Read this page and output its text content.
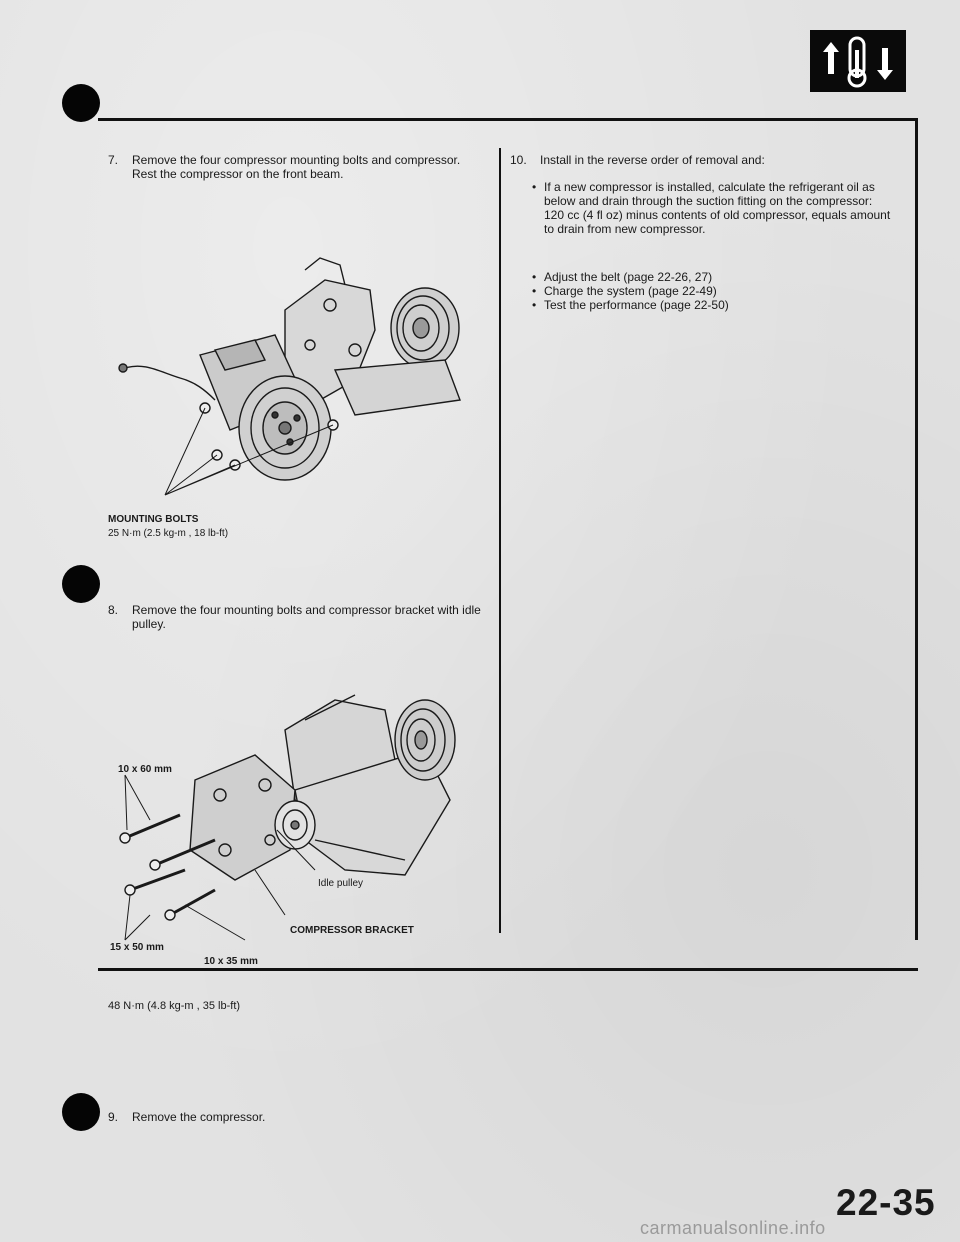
7. Remove the four compressor mounting bolts and compressor. Rest the compressor on the front beam.
MOUNTING BOLTS
25 N·m (2.5 kg-m , 18 lb-ft)
8. Remove the four mounting bolts and compressor bracket with idle pulley.
10 x 60 mm
Idle pulley
COMPRESSOR BRACKET
15 x 50 mm
10 x 35 mm
48 N·m (4.8 kg-m , 35 lb-ft)
9. Remove the compressor.
10. Install in the reverse order of removal and:
• If a new compressor is installed, calculate the refrigerant oil as below and drain through the suction fitting on the compressor:
120 cc (4 fl oz) minus contents of old compressor, equals amount to drain from new compressor.
• Adjust the belt (page 22-26, 27)
• Charge the system (page 22-49)
• Test the performance (page 22-50)
22-35
carmanualsonline.info
